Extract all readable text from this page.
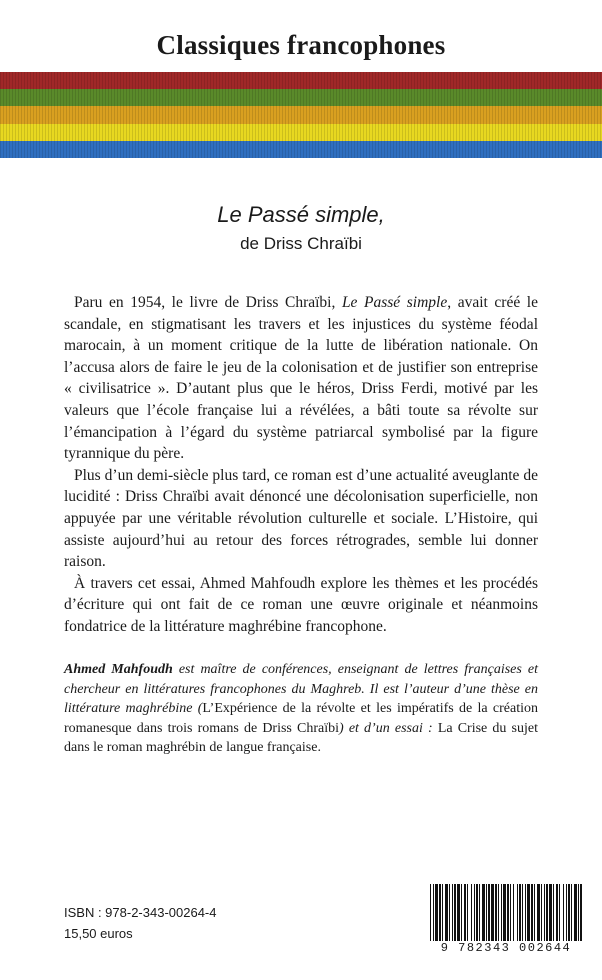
Classiques francophones
Le Passé simple,
de Driss Chraïbi

Paru en 1954, le livre de Driss Chraïbi, Le Passé simple, avait créé le scandale, en stigmatisant les travers et les injustices du système féodal marocain, à un moment critique de la lutte de libération nationale. On l’accusa alors de faire le jeu de la colonisation et de justifier son entreprise « civilisatrice ». D’autant plus que le héros, Driss Ferdi, motivé par les valeurs que l’école française lui a révélées, a bâti toute sa révolte sur l’émancipation à l’égard du système patriarcal symbolisé par la figure tyrannique du père.

Plus d’un demi-siècle plus tard, ce roman est d’une actualité aveuglante de lucidité : Driss Chraïbi avait dénoncé une décolonisation superficielle, non appuyée par une véritable révolution culturelle et sociale. L’Histoire, qui assiste aujourd’hui au retour des forces rétrogrades, semble lui donner raison.

À travers cet essai, Ahmed Mahfoudh explore les thèmes et les procédés d’écriture qui ont fait de ce roman une œuvre originale et néanmoins fondatrice de la littérature maghrébine francophone.

Ahmed Mahfoudh est maître de conférences, enseignant de lettres françaises et chercheur en littératures francophones du Maghreb. Il est l’auteur d’une thèse en littérature maghrébine (L’Expérience de la révolte et les impératifs de la création romanesque dans trois romans de Driss Chraïbi) et d’un essai : La Crise du sujet dans le roman maghrébin de langue française.

ISBN : 978-2-343-00264-4
15,50 euros
9 782343 002644
